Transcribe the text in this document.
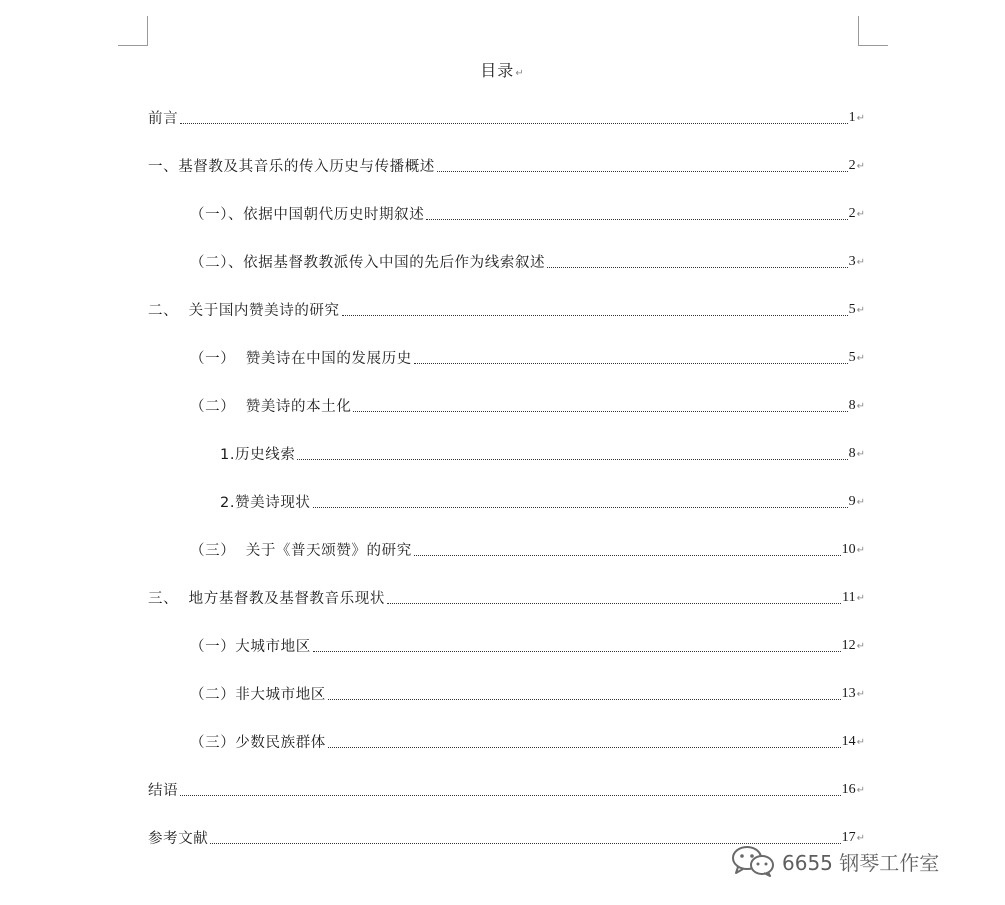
目录↵
前言	1↵
一、基督教及其音乐的传入历史与传播概述	2↵
（一）、依据中国朝代历史时期叙述	2↵
（二）、依据基督教教派传入中国的先后作为线索叙述	3↵
二、  关于国内赞美诗的研究	5↵
（一）  赞美诗在中国的发展历史	5↵
（二）  赞美诗的本土化	8↵
1.历史线索	8↵
2.赞美诗现状	9↵
（三）  关于《普天颂赞》的研究	10↵
三、  地方基督教及基督教音乐现状	11↵
（一）大城市地区	12↵
（二）非大城市地区	13↵
（三）少数民族群体	14↵
结语	16↵
参考文献	17↵
6655 钢琴工作室
